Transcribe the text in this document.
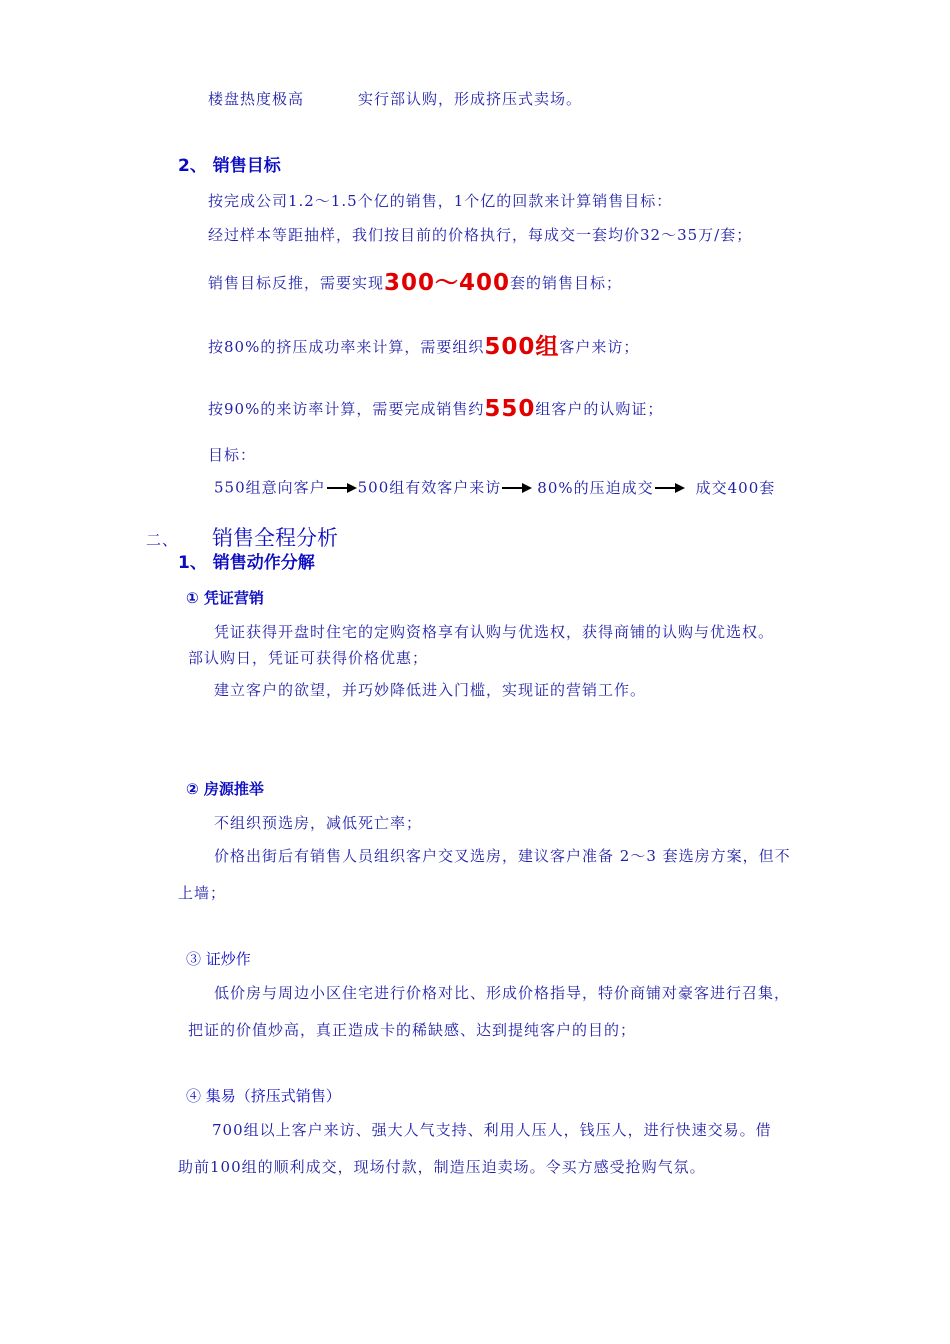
楼盘热度极高	实行部认购，形成挤压式卖场。
2、 销售目标
按完成公司1.2～1.5个亿的销售，1个亿的回款来计算销售目标：
经过样本等距抽样，我们按目前的价格执行，每成交一套均价32～35万/套；
销售目标反推，需要实现300～400套的销售目标；
按80%的挤压成功率来计算，需要组织500组客户来访；
按90%的来访率计算，需要完成销售约550组客户的认购证；
目标：
550组意向客户 500组有效客户来访 80%的压迫成交	成交400套
二、 销售全程分析
1、 销售动作分解
① 凭证营销
凭证获得开盘时住宅的定购资格享有认购与优选权，获得商铺的认购与优选权。
部认购日，凭证可获得价格优惠；
建立客户的欲望，并巧妙降低进入门槛，实现证的营销工作。
② 房源推举
不组织预选房，减低死亡率；
价格出街后有销售人员组织客户交叉选房，建议客户准备 2～3 套选房方案，但不
上墙；
③ 证炒作
低价房与周边小区住宅进行价格对比、形成价格指导，特价商铺对豪客进行召集，
把证的价值炒高，真正造成卡的稀缺感、达到提纯客户的目的；
④ 集易（挤压式销售）
700组以上客户来访、强大人气支持、利用人压人，钱压人，进行快速交易。借
助前100组的顺利成交，现场付款，制造压迫卖场。令买方感受抢购气氛。
